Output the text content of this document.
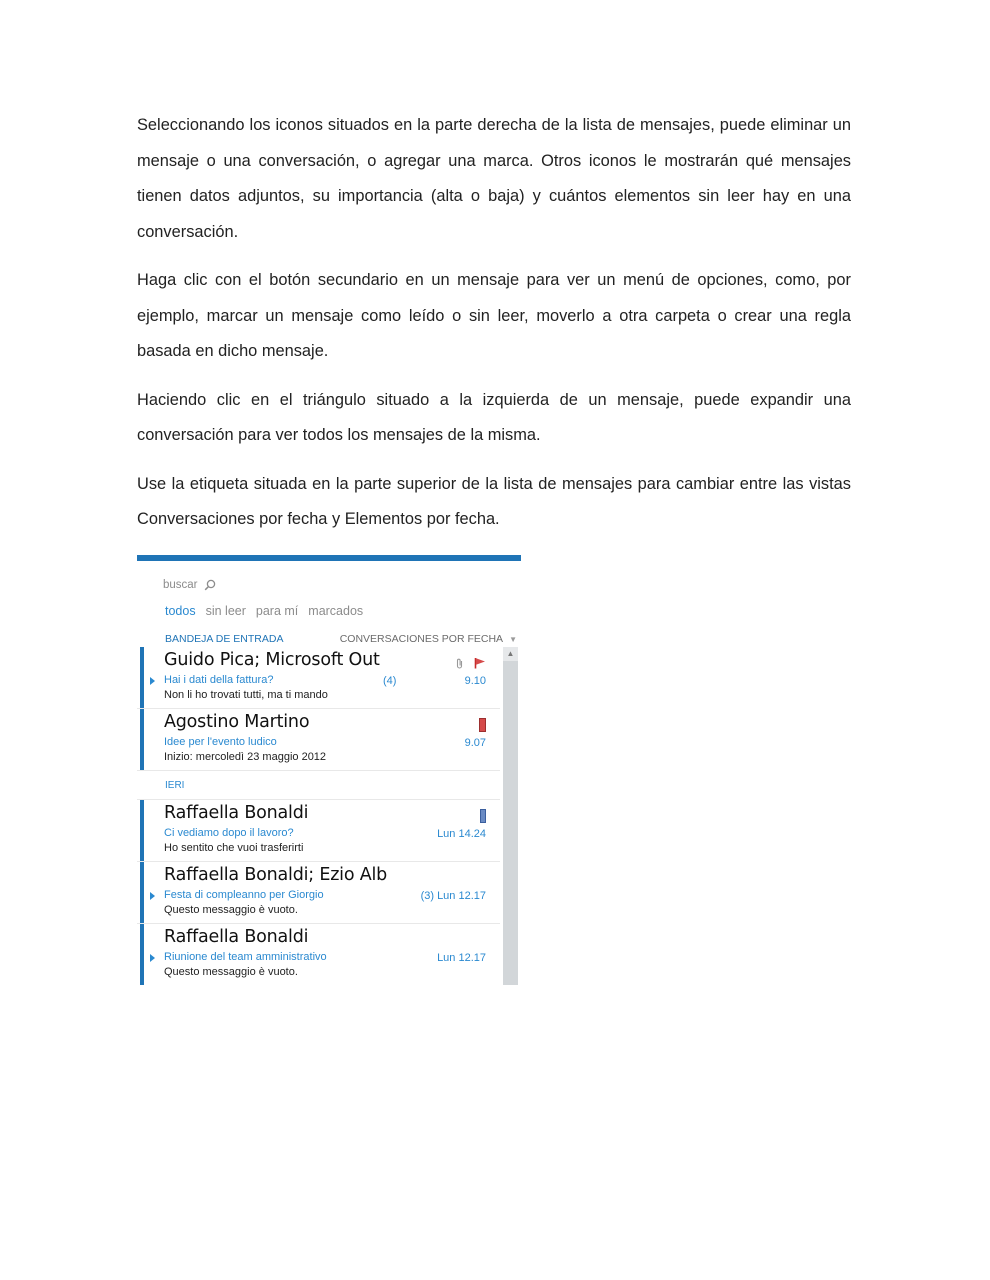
Seleccionando los iconos situados en la parte derecha de la lista de mensajes, puede eliminar un mensaje o una conversación, o agregar una marca. Otros iconos le mostrarán qué mensajes tienen datos adjuntos, su importancia (alta o baja) y cuántos elementos sin leer hay en una conversación.

Haga clic con el botón secundario en un mensaje para ver un menú de opciones, como, por ejemplo, marcar un mensaje como leído o sin leer, moverlo a otra carpeta o crear una regla basada en dicho mensaje.

Haciendo clic en el triángulo situado a la izquierda de un mensaje, puede expandir una conversación para ver todos los mensajes de la misma.

Use la etiqueta situada en la parte superior de la lista de mensajes para cambiar entre las vistas Conversaciones por fecha y Elementos por fecha.

buscar
todos sin leer para mí marcados
BANDEJA DE ENTRADA	CONVERSACIONES POR FECHA ▼
Guido Pica; Microsoft Out
Hai i dati della fattura?	(4)	9.10
Non li ho trovati tutti, ma ti mando
Agostino Martino
Idee per l'evento ludico	9.07
Inizio: mercoledì 23 maggio 2012
IERI
Raffaella Bonaldi
Ci vediamo dopo il lavoro?	Lun 14.24
Ho sentito che vuoi trasferirti
Raffaella Bonaldi; Ezio Alb
Festa di compleanno per Giorgio	(3) Lun 12.17
Questo messaggio è vuoto.
Raffaella Bonaldi
Riunione del team amministrativo	Lun 12.17
Questo messaggio è vuoto.
▲
